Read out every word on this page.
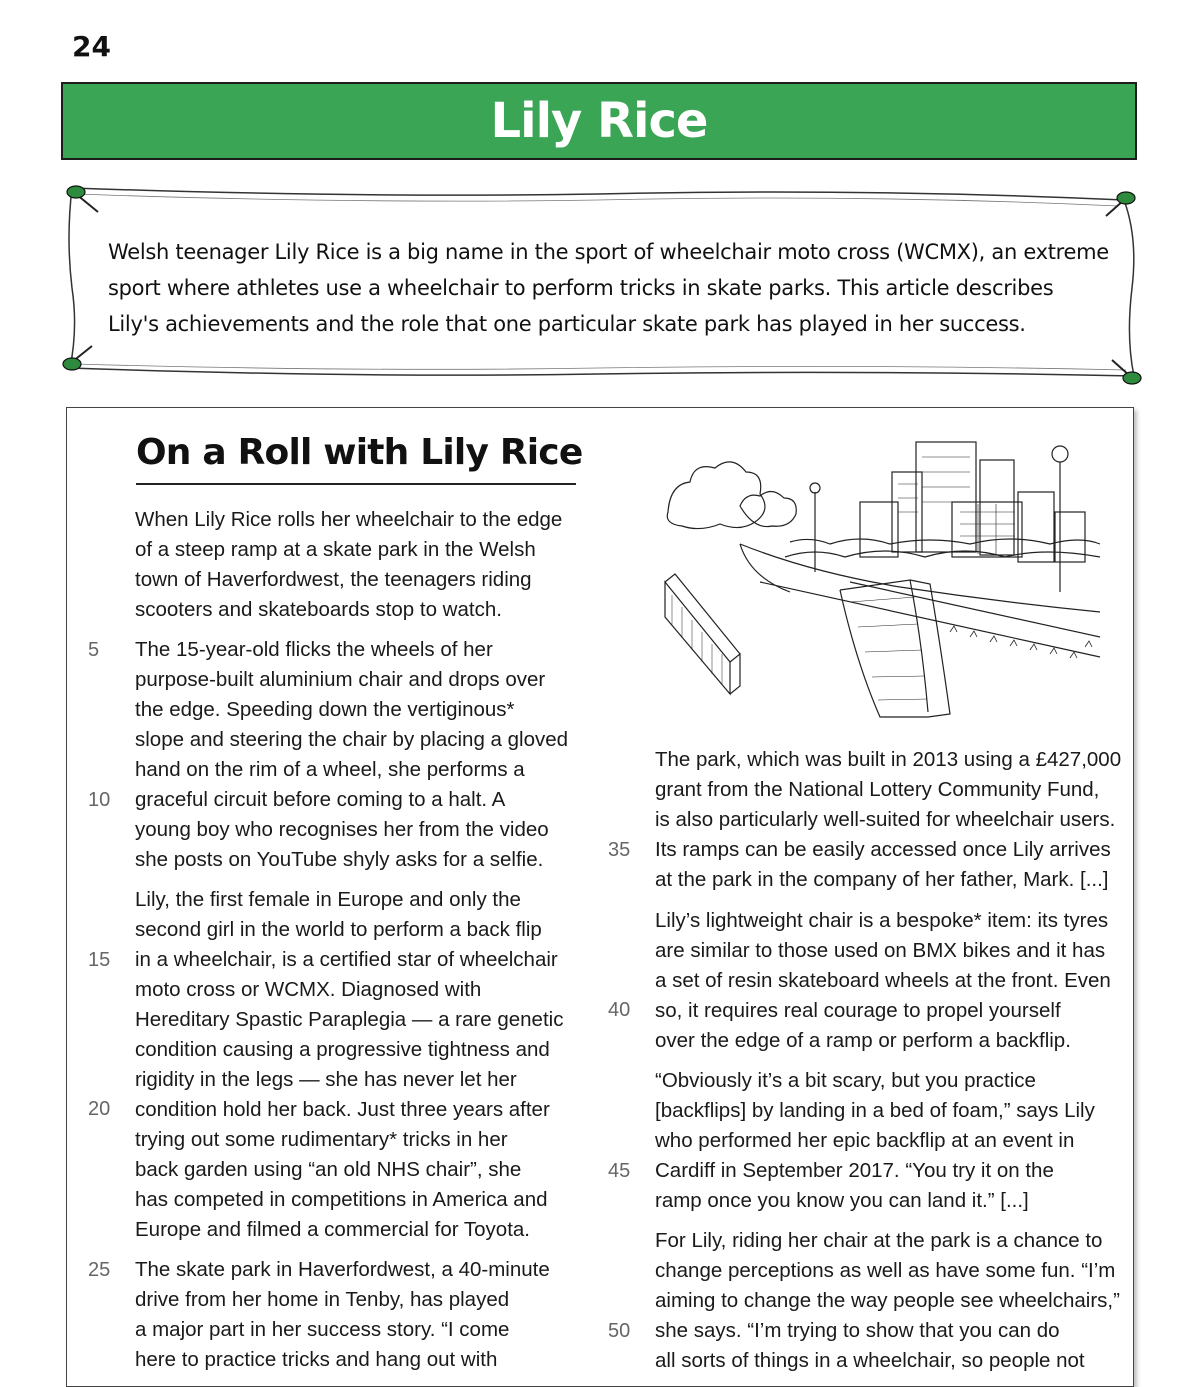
24
Lily Rice
Welsh teenager Lily Rice is a big name in the sport of wheelchair moto cross (WCMX), an extreme
sport where athletes use a wheelchair to perform tricks in skate parks. This article describes
Lily's achievements and the role that one particular skate park has played in her success.
On a Roll with Lily Rice
When Lily Rice rolls her wheelchair to the edge
of a steep ramp at a skate park in the Welsh
town of Haverfordwest, the teenagers riding
scooters and skateboards stop to watch.
The 15-year-old flicks the wheels of her
purpose-built aluminium chair and drops over
the edge. Speeding down the vertiginous*
slope and steering the chair by placing a gloved
hand on the rim of a wheel, she performs a
graceful circuit before coming to a halt. A
young boy who recognises her from the video
she posts on YouTube shyly asks for a selfie.
Lily, the first female in Europe and only the
second girl in the world to perform a back flip
in a wheelchair, is a certified star of wheelchair
moto cross or WCMX. Diagnosed with
Hereditary Spastic Paraplegia — a rare genetic
condition causing a progressive tightness and
rigidity in the legs — she has never let her
condition hold her back. Just three years after
trying out some rudimentary* tricks in her
back garden using “an old NHS chair”, she
has competed in competitions in America and
Europe and filmed a commercial for Toyota.
The skate park in Haverfordwest, a 40-minute
drive from her home in Tenby, has played
a major part in her success story. “I come
here to practice tricks and hang out with
5
10
15
20
25
The park, which was built in 2013 using a £427,000
grant from the National Lottery Community Fund,
is also particularly well-suited for wheelchair users.
Its ramps can be easily accessed once Lily arrives
at the park in the company of her father, Mark. [...]
Lily’s lightweight chair is a bespoke* item: its tyres
are similar to those used on BMX bikes and it has
a set of resin skateboard wheels at the front. Even
so, it requires real courage to propel yourself
over the edge of a ramp or perform a backflip.
“Obviously it’s a bit scary, but you practice
[backflips] by landing in a bed of foam,” says Lily
who performed her epic backflip at an event in
Cardiff in September 2017. “You try it on the
ramp once you know you can land it.” [...]
For Lily, riding her chair at the park is a chance to
change perceptions as well as have some fun. “I’m
aiming to change the way people see wheelchairs,”
she says. “I’m trying to show that you can do
all sorts of things in a wheelchair, so people not
35
40
45
50
